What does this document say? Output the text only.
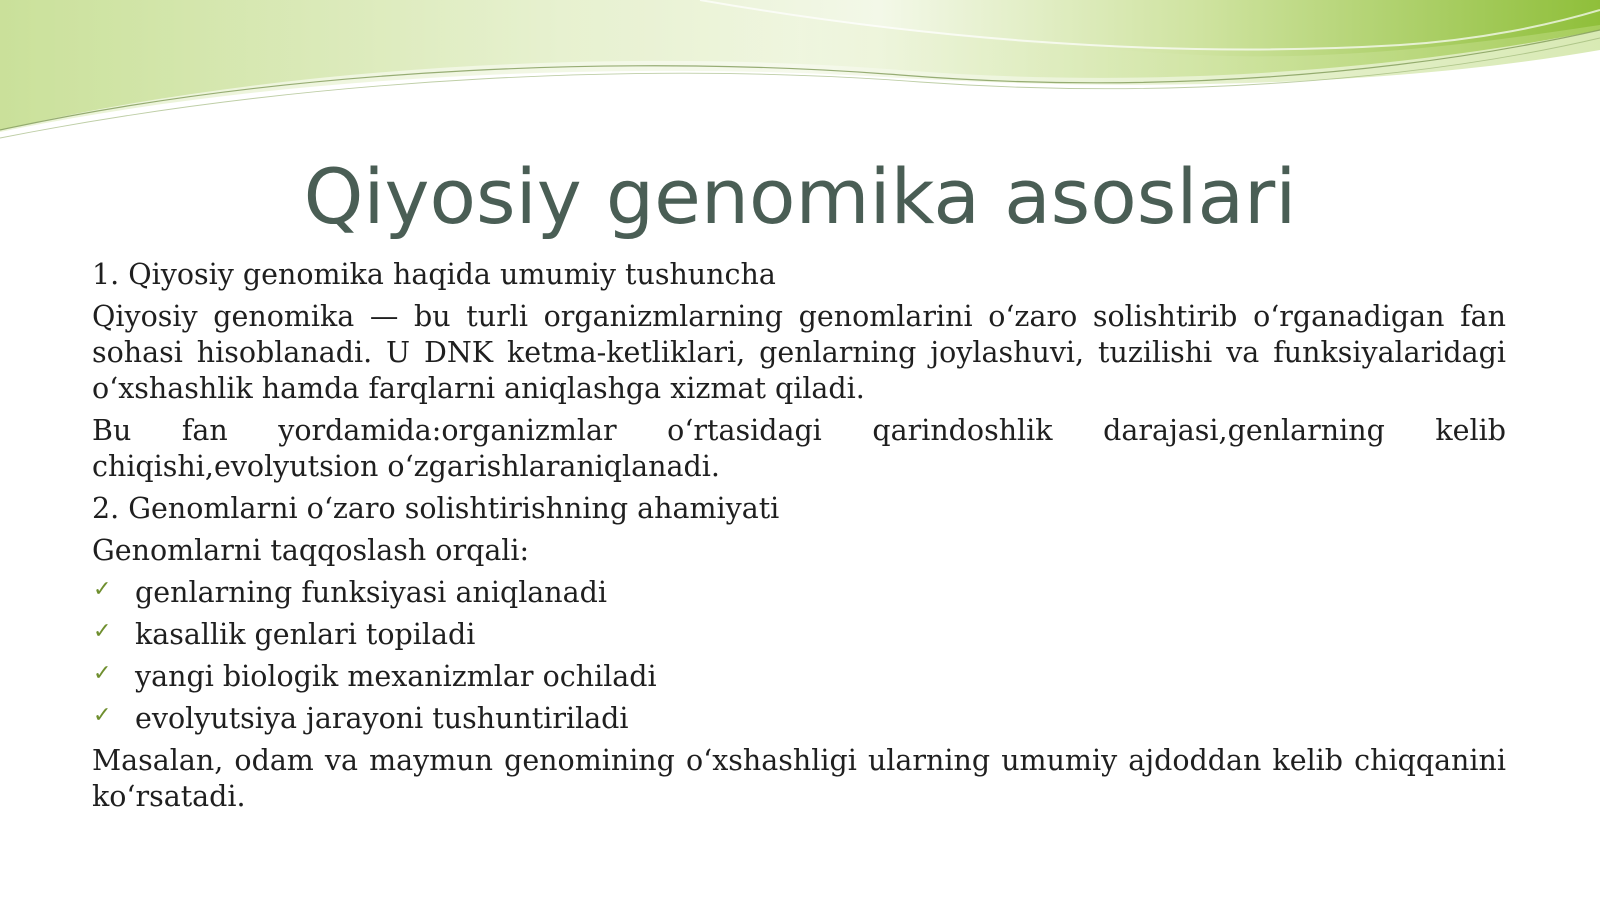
Qiyosiy genomika asoslari

1. Qiyosiy genomika haqida umumiy tushuncha

Qiyosiy genomika — bu turli organizmlarning genomlarini o‘zaro solishtirib o‘rganadigan fan sohasi hisoblanadi. U DNK ketma-ketliklari, genlarning joylashuvi, tuzilishi va funksiyalaridagi o‘xshashlik hamda farqlarni aniqlashga xizmat qiladi.

Bu fan yordamida:organizmlar o‘rtasidagi qarindoshlik darajasi,genlarning kelib chiqishi,evolyutsion o‘zgarishlaraniqlanadi.

2. Genomlarni o‘zaro solishtirishning ahamiyati

Genomlarni taqqoslash orqali:

✓ genlarning funksiyasi aniqlanadi
✓ kasallik genlari topiladi
✓ yangi biologik mexanizmlar ochiladi
✓ evolyutsiya jarayoni tushuntiriladi

Masalan, odam va maymun genomining o‘xshashligi ularning umumiy ajdoddan kelib chiqqanini ko‘rsatadi.
